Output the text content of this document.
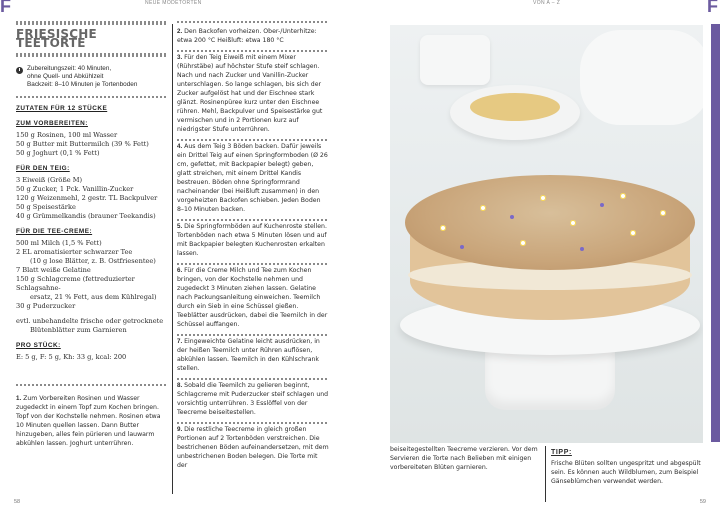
F	F
NEUE MODETORTEN	VON A – Z
FRIESISCHE TEETORTE
Zubereitungszeit: 40 Minuten,
ohne Quell- und Abkühlzeit
Backzeit: 8–10 Minuten je Tortenboden
ZUTATEN FÜR 12 STÜCKE
ZUM VORBEREITEN:
150 g Rosinen, 100 ml Wasser
50 g Butter mit Buttermilch (39 % Fett)
50 g Joghurt (0,1 % Fett)
FÜR DEN TEIG:
3 Eiweiß (Größe M)
50 g Zucker, 1 Pck. Vanillin-Zucker
120 g Weizenmehl, 2 gestr. TL Backpulver
50 g Speisestärke
40 g Grümmelkandis (brauner Teekandis)
FÜR DIE TEE-CREME:
500 ml Milch (1,5 % Fett)
2 EL aromatisierter schwarzer Tee
(10 g lose Blätter, z. B. Ostfriesentee)
7 Blatt weiße Gelatine
150 g Schlagcreme (fettreduzierter Schlagsahne-
ersatz, 21 % Fett, aus dem Kühlregal)
30 g Puderzucker
evtl. unbehandelte frische oder getrocknete
Blütenblätter zum Garnieren
PRO STÜCK:
E: 5 g, F: 5 g, Kh: 33 g, kcal: 200
1. Zum Vorbereiten Rosinen und Wasser zugedeckt in einem Topf zum Kochen bringen. Topf von der Kochstelle nehmen. Rosinen etwa 10 Minuten quellen lassen. Dann Butter hinzugeben, alles fein pürieren und lauwarm abkühlen lassen. Joghurt unterrühren.
2. Den Backofen vorheizen. Ober-/Unterhitze: etwa 200 °C Heißluft: etwa 180 °C
3. Für den Teig Eiweiß mit einem Mixer (Rührstäbe) auf höchster Stufe steif schlagen. Nach und nach Zucker und Vanillin-Zucker unterschlagen. So lange schlagen, bis sich der Zucker aufgelöst hat und der Eischnee stark glänzt. Rosinenpüree kurz unter den Eischnee rühren. Mehl, Backpulver und Speisestärke gut vermischen und in 2 Portionen kurz auf niedrigster Stufe unterrühren.
4. Aus dem Teig 3 Böden backen. Dafür jeweils ein Drittel Teig auf einen Springformboden (Ø 26 cm, gefettet, mit Backpapier belegt) geben, glatt streichen, mit einem Drittel Kandis bestreuen. Böden ohne Springformrand nacheinander (bei Heißluft zusammen) in den vorgeheizten Backofen schieben. Jeden Boden 8–10 Minuten backen.
5. Die Springformböden auf Kuchenroste stellen. Tortenböden nach etwa 5 Minuten lösen und auf mit Backpapier belegten Kuchenrosten erkalten lassen.
6. Für die Creme Milch und Tee zum Kochen bringen, von der Kochstelle nehmen und zugedeckt 3 Minuten ziehen lassen. Gelatine nach Packungsanleitung einweichen. Teemilch durch ein Sieb in eine Schüssel gießen. Teeblätter ausdrücken, dabei die Teemilch in der Schüssel auffangen.
7. Eingeweichte Gelatine leicht ausdrücken, in der heißen Teemilch unter Rühren auflösen, abkühlen lassen. Teemilch in den Kühlschrank stellen.
8. Sobald die Teemilch zu gelieren beginnt, Schlagcreme mit Puderzucker steif schlagen und vorsichtig unterrühren. 3 Esslöffel von der Teecreme beiseitestellen.
9. Die restliche Teecreme in gleich großen Portionen auf 2 Tortenböden verstreichen. Die bestrichenen Böden aufeinandersetzen, mit dem unbestrichenen Boden belegen. Die Torte mit der
beiseitegestellten Teecreme verzieren. Vor dem Servieren die Torte nach Belieben mit einigen vorbereiteten Blüten garnieren.
TIPP:
Frische Blüten sollten ungespritzt und abgespült sein. Es können auch Wildblumen, zum Beispiel Gänseblümchen verwendet werden.
58	59
